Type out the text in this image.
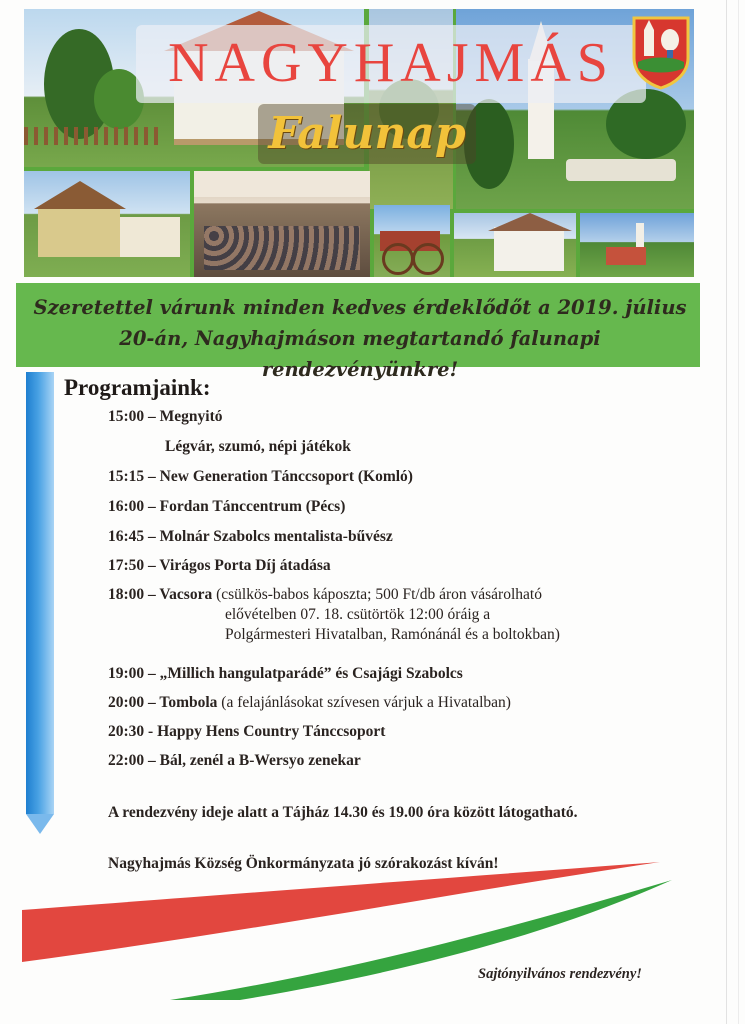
NAGYHAJMÁS
Falunap
Szeretettel várunk minden kedves érdeklődőt a 2019. július 20-án, Nagyhajmáson megtartandó falunapi rendezvényünkre!
Programjaink:
15:00 – Megnyitó
Légvár, szumó, népi játékok
15:15 – New Generation Tánccsoport (Komló)
16:00 – Fordan Tánccentrum (Pécs)
16:45 – Molnár Szabolcs mentalista-bűvész
17:50 – Virágos Porta Díj átadása
18:00 – Vacsora (csülkös-babos káposzta; 500 Ft/db áron vásárolható
elővételben 07. 18. csütörtök 12:00 óráig a
Polgármesteri Hivatalban, Ramónánál és a boltokban)
19:00 – „Millich hangulatparádé” és Csajági Szabolcs
20:00 – Tombola (a felajánlásokat szívesen várjuk a Hivatalban)
20:30 - Happy Hens Country Tánccsoport
22:00 – Bál, zenél a B-Wersyo zenekar
A rendezvény ideje alatt a Tájház 14.30 és 19.00 óra között látogatható.
Nagyhajmás Község Önkormányzata jó szórakozást kíván!
Sajtónyilvános rendezvény!
